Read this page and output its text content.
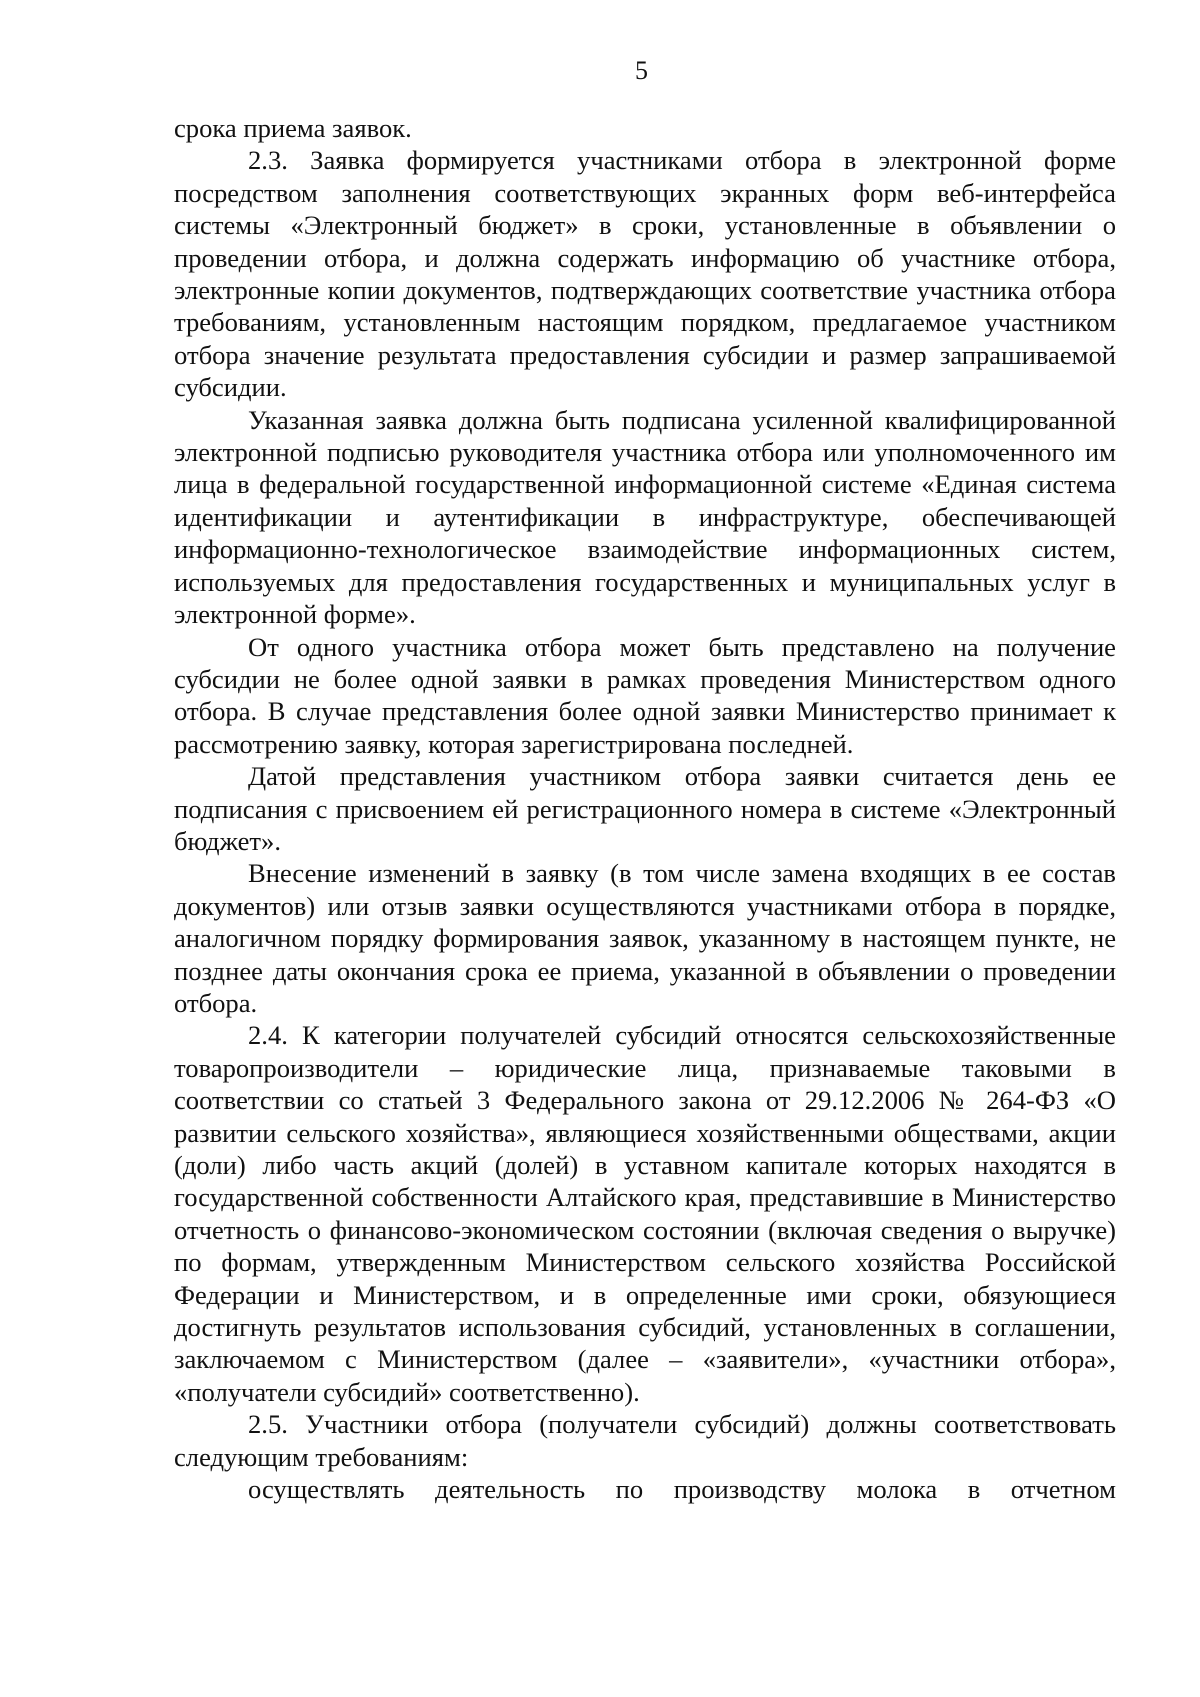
5

срока приема заявок.

2.3. Заявка формируется участниками отбора в электронной форме посредством заполнения соответствующих экранных форм веб-интерфейса системы «Электронный бюджет» в сроки, установленные в объявлении о проведении отбора, и должна содержать информацию об участнике отбора, электронные копии документов, подтверждающих соответствие участника отбора требованиям, установленным настоящим порядком, предлагаемое участником отбора значение результата предоставления субсидии и размер запрашиваемой субсидии.

Указанная заявка должна быть подписана усиленной квалифицированной электронной подписью руководителя участника отбора или уполномоченного им лица в федеральной государственной информационной системе «Единая система идентификации и аутентификации в инфраструктуре, обеспечивающей информационно-технологическое взаимодействие информационных систем, используемых для предоставления государственных и муниципальных услуг в электронной форме».

От одного участника отбора может быть представлено на получение субсидии не более одной заявки в рамках проведения Министерством одного отбора. В случае представления более одной заявки Министерство принимает к рассмотрению заявку, которая зарегистрирована последней.

Датой представления участником отбора заявки считается день ее подписания с присвоением ей регистрационного номера в системе «Электронный бюджет».

Внесение изменений в заявку (в том числе замена входящих в ее состав документов) или отзыв заявки осуществляются участниками отбора в порядке, аналогичном порядку формирования заявок, указанному в настоящем пункте, не позднее даты окончания срока ее приема, указанной в объявлении о проведении отбора.

2.4. К категории получателей субсидий относятся сельскохозяйственные товаропроизводители – юридические лица, признаваемые таковыми в соответствии со статьей 3 Федерального закона от 29.12.2006 № 264-ФЗ «О развитии сельского хозяйства», являющиеся хозяйственными обществами, акции (доли) либо часть акций (долей) в уставном капитале которых находятся в государственной собственности Алтайского края, представившие в Министерство отчетность о финансово-экономическом состоянии (включая сведения о выручке) по формам, утвержденным Министерством сельского хозяйства Российской Федерации и Министерством, и в определенные ими сроки, обязующиеся достигнуть результатов использования субсидий, установленных в соглашении, заключаемом с Министерством (далее – «заявители», «участники отбора», «получатели субсидий» соответственно).

2.5. Участники отбора (получатели субсидий) должны соответствовать следующим требованиям:

осуществлять деятельность по производству молока в отчетном
